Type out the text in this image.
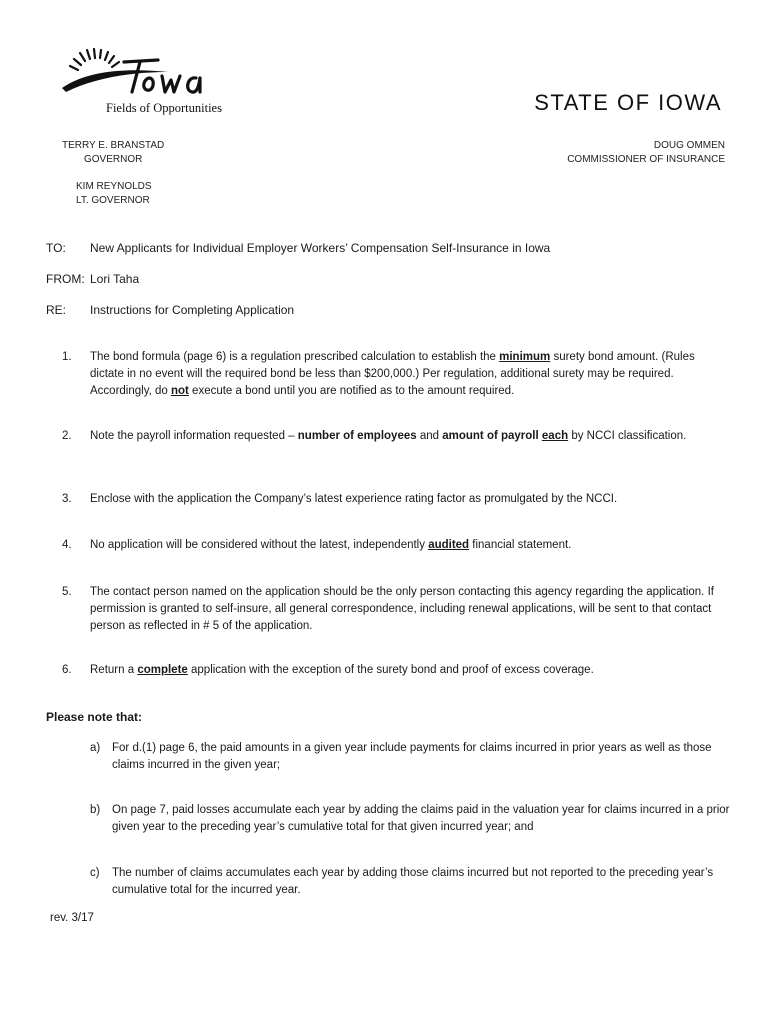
Fields of Opportunities	STATE OF IOWA
TERRY E. BRANSTAD
GOVERNOR
KIM REYNOLDS
LT. GOVERNOR
DOUG OMMEN
COMMISSIONER OF INSURANCE
TO:	New Applicants for Individual Employer Workers’ Compensation Self-Insurance in Iowa
FROM: Lori Taha
RE:	Instructions for Completing Application
1.	The bond formula (page 6) is a regulation prescribed calculation to establish the minimum surety bond amount. (Rules dictate in no event will the required bond be less than $200,000.) Per regulation, additional surety may be required. Accordingly, do not execute a bond until you are notified as to the amount required.
2.	Note the payroll information requested – number of employees and amount of payroll each by NCCI classification.
3.	Enclose with the application the Company’s latest experience rating factor as promulgated by the NCCI.
4.	No application will be considered without the latest, independently audited financial statement.
5.	The contact person named on the application should be the only person contacting this agency regarding the application. If permission is granted to self-insure, all general correspondence, including renewal applications, will be sent to that contact person as reflected in # 5 of the application.
6.	Return a complete application with the exception of the surety bond and proof of excess coverage.
Please note that:
a) For d.(1) page 6, the paid amounts in a given year include payments for claims incurred in prior years as well as those claims incurred in the given year;
b) On page 7, paid losses accumulate each year by adding the claims paid in the valuation year for claims incurred in a prior given year to the preceding year’s cumulative total for that given incurred year; and
c) The number of claims accumulates each year by adding those claims incurred but not reported to the preceding year’s cumulative total for the incurred year.
rev. 3/17
